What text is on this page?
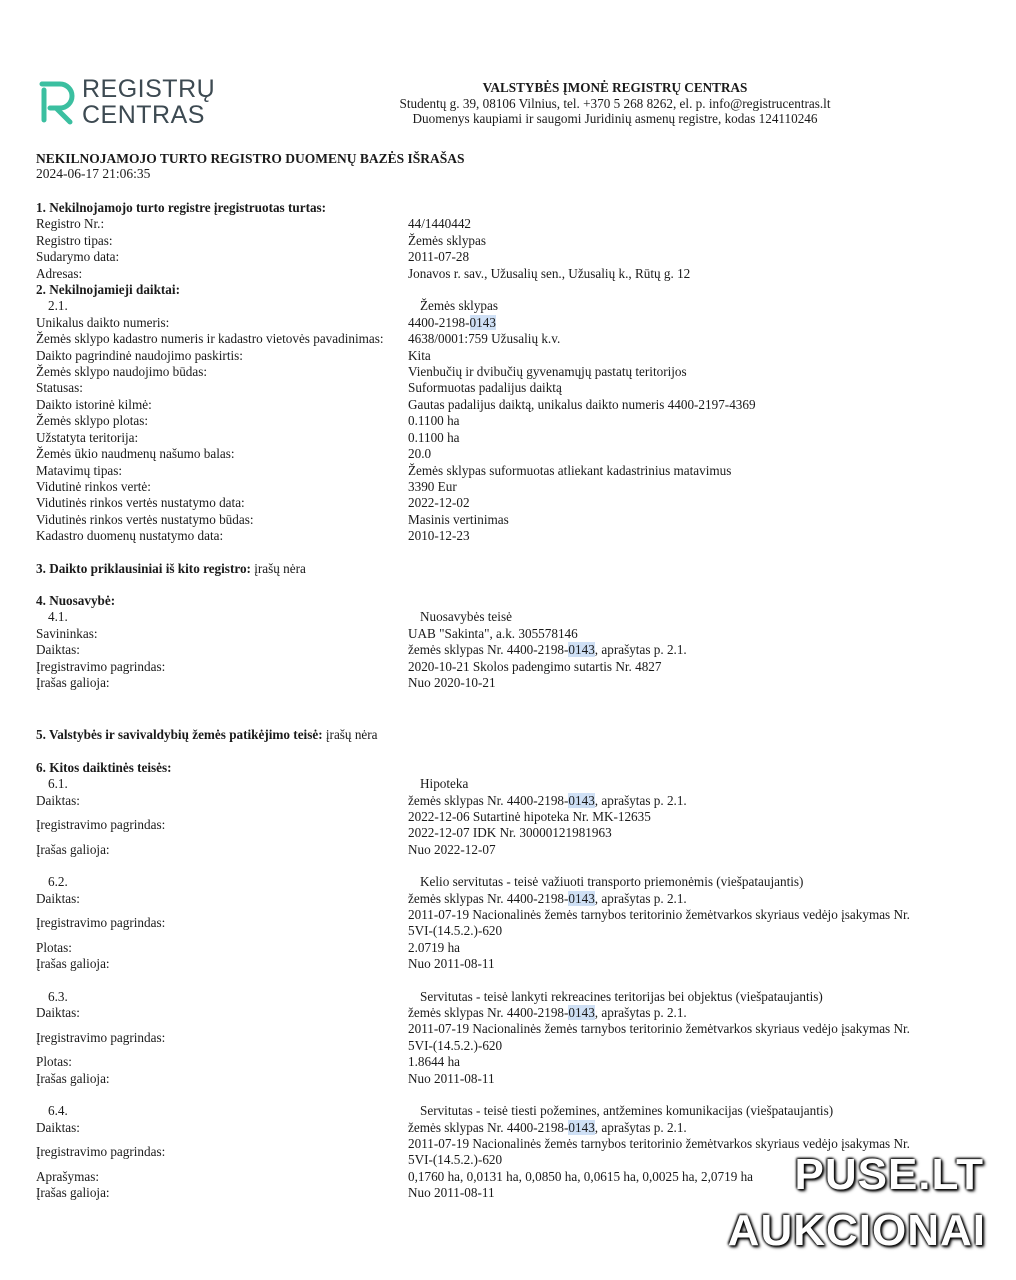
REGISTRŲ
CENTRAS
VALSTYBĖS ĮMONĖ REGISTRŲ CENTRAS
Studentų g. 39, 08106 Vilnius, tel. +370 5 268 8262, el. p. info@registrucentras.lt
Duomenys kaupiami ir saugomi Juridinių asmenų registre, kodas 124110246
NEKILNOJAMOJO TURTO REGISTRO DUOMENŲ BAZĖS IŠRAŠAS
2024-06-17 21:06:35
1. Nekilnojamojo turto registre įregistruotas turtas:
Registro Nr.:	44/1440442
Registro tipas:	Žemės sklypas
Sudarymo data:	2011-07-28
Adresas:	Jonavos r. sav., Užusalių sen., Užusalių k., Rūtų g. 12
2. Nekilnojamieji daiktai:
2.1.	Žemės sklypas
Unikalus daikto numeris:	4400-2198-0143
Žemės sklypo kadastro numeris ir kadastro vietovės pavadinimas:	4638/0001:759 Užusalių k.v.
Daikto pagrindinė naudojimo paskirtis:	Kita
Žemės sklypo naudojimo būdas:	Vienbučių ir dvibučių gyvenamųjų pastatų teritorijos
Statusas:	Suformuotas padalijus daiktą
Daikto istorinė kilmė:	Gautas padalijus daiktą, unikalus daikto numeris 4400-2197-4369
Žemės sklypo plotas:	0.1100 ha
Užstatyta teritorija:	0.1100 ha
Žemės ūkio naudmenų našumo balas:	20.0
Matavimų tipas:	Žemės sklypas suformuotas atliekant kadastrinius matavimus
Vidutinė rinkos vertė:	3390 Eur
Vidutinės rinkos vertės nustatymo data:	2022-12-02
Vidutinės rinkos vertės nustatymo būdas:	Masinis vertinimas
Kadastro duomenų nustatymo data:	2010-12-23
3. Daikto priklausiniai iš kito registro: įrašų nėra
4. Nuosavybė:
4.1.	Nuosavybės teisė
Savininkas:	UAB "Sakinta", a.k. 305578146
Daiktas:	žemės sklypas Nr. 4400-2198-0143, aprašytas p. 2.1.
Įregistravimo pagrindas:	2020-10-21 Skolos padengimo sutartis Nr. 4827
Įrašas galioja:	Nuo 2020-10-21
5. Valstybės ir savivaldybių žemės patikėjimo teisė: įrašų nėra
6. Kitos daiktinės teisės:
6.1.	Hipoteka
Daiktas:	žemės sklypas Nr. 4400-2198-0143, aprašytas p. 2.1.
Įregistravimo pagrindas:
2022-12-06 Sutartinė hipoteka Nr. MK-12635
2022-12-07 IDK Nr. 30000121981963
Įrašas galioja:	Nuo 2022-12-07
6.2.	Kelio servitutas - teisė važiuoti transporto priemonėmis (viešpataujantis)
Daiktas:	žemės sklypas Nr. 4400-2198-0143, aprašytas p. 2.1.
Įregistravimo pagrindas:
2011-07-19 Nacionalinės žemės tarnybos teritorinio žemėtvarkos skyriaus vedėjo įsakymas Nr.
5VI-(14.5.2.)-620
Plotas:	2.0719 ha
Įrašas galioja:	Nuo 2011-08-11
6.3.	Servitutas - teisė lankyti rekreacines teritorijas bei objektus (viešpataujantis)
Daiktas:	žemės sklypas Nr. 4400-2198-0143, aprašytas p. 2.1.
Įregistravimo pagrindas:
2011-07-19 Nacionalinės žemės tarnybos teritorinio žemėtvarkos skyriaus vedėjo įsakymas Nr.
5VI-(14.5.2.)-620
Plotas:	1.8644 ha
Įrašas galioja:	Nuo 2011-08-11
6.4.	Servitutas - teisė tiesti požemines, antžemines komunikacijas (viešpataujantis)
Daiktas:	žemės sklypas Nr. 4400-2198-0143, aprašytas p. 2.1.
Įregistravimo pagrindas:
2011-07-19 Nacionalinės žemės tarnybos teritorinio žemėtvarkos skyriaus vedėjo įsakymas Nr.
5VI-(14.5.2.)-620
Aprašymas:	0,1760 ha, 0,0131 ha, 0,0850 ha, 0,0615 ha, 0,0025 ha, 2,0719 ha
Įrašas galioja:	Nuo 2011-08-11	PUSE.LT
AUKCIONAI
